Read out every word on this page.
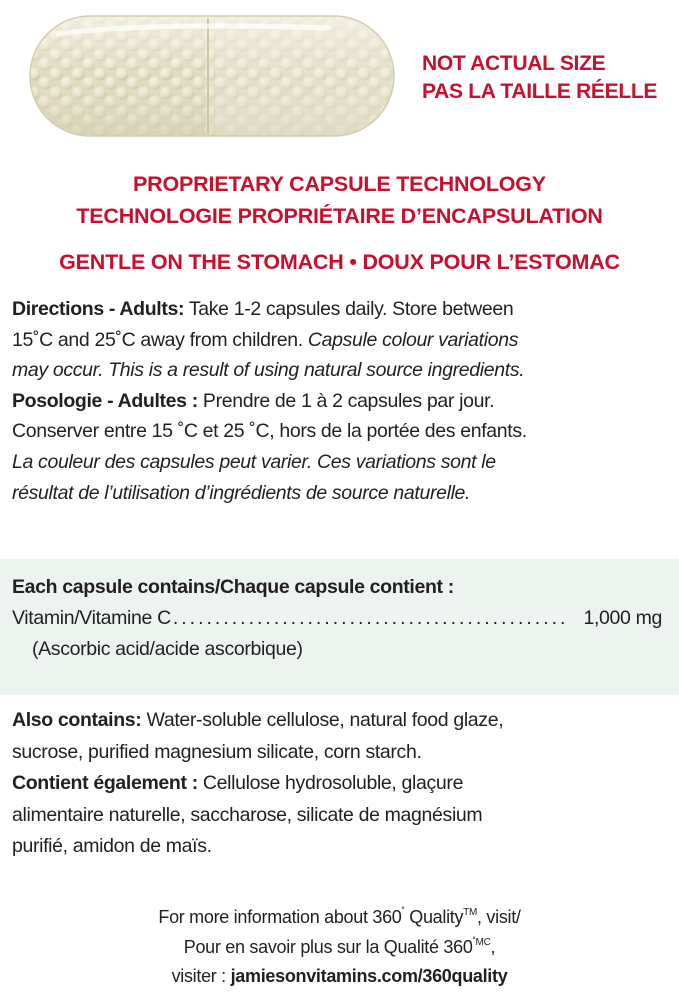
NOT ACTUAL SIZE
PAS LA TAILLE RÉELLE
PROPRIETARY CAPSULE TECHNOLOGY
TECHNOLOGIE PROPRIÉTAIRE D’ENCAPSULATION
GENTLE ON THE STOMACH • DOUX POUR L’ESTOMAC
Directions - Adults: Take 1-2 capsules daily. Store between
15˚C and 25˚C away from children. Capsule colour variations
may occur. This is a result of using natural source ingredients.
Posologie - Adultes : Prendre de 1 à 2 capsules par jour.
Conserver entre 15 ˚C et 25 ˚C, hors de la portée des enfants.
La couleur des capsules peut varier. Ces variations sont le
résultat de l’utilisation d’ingrédients de source naturelle.
Each capsule contains/Chaque capsule contient :
Vitamin/Vitamine C ............................................... 1,000 mg
(Ascorbic acid/acide ascorbique)
Also contains: Water-soluble cellulose, natural food glaze,
sucrose, purified magnesium silicate, corn starch.
Contient également : Cellulose hydrosoluble, glaçure
alimentaire naturelle, saccharose, silicate de magnésium
purifié, amidon de maïs.
For more information about 360˚ Quality™, visit/
Pour en savoir plus sur la Qualité $360^{˚MC}$,
visiter : jamiesonvitamins.com/360quality
